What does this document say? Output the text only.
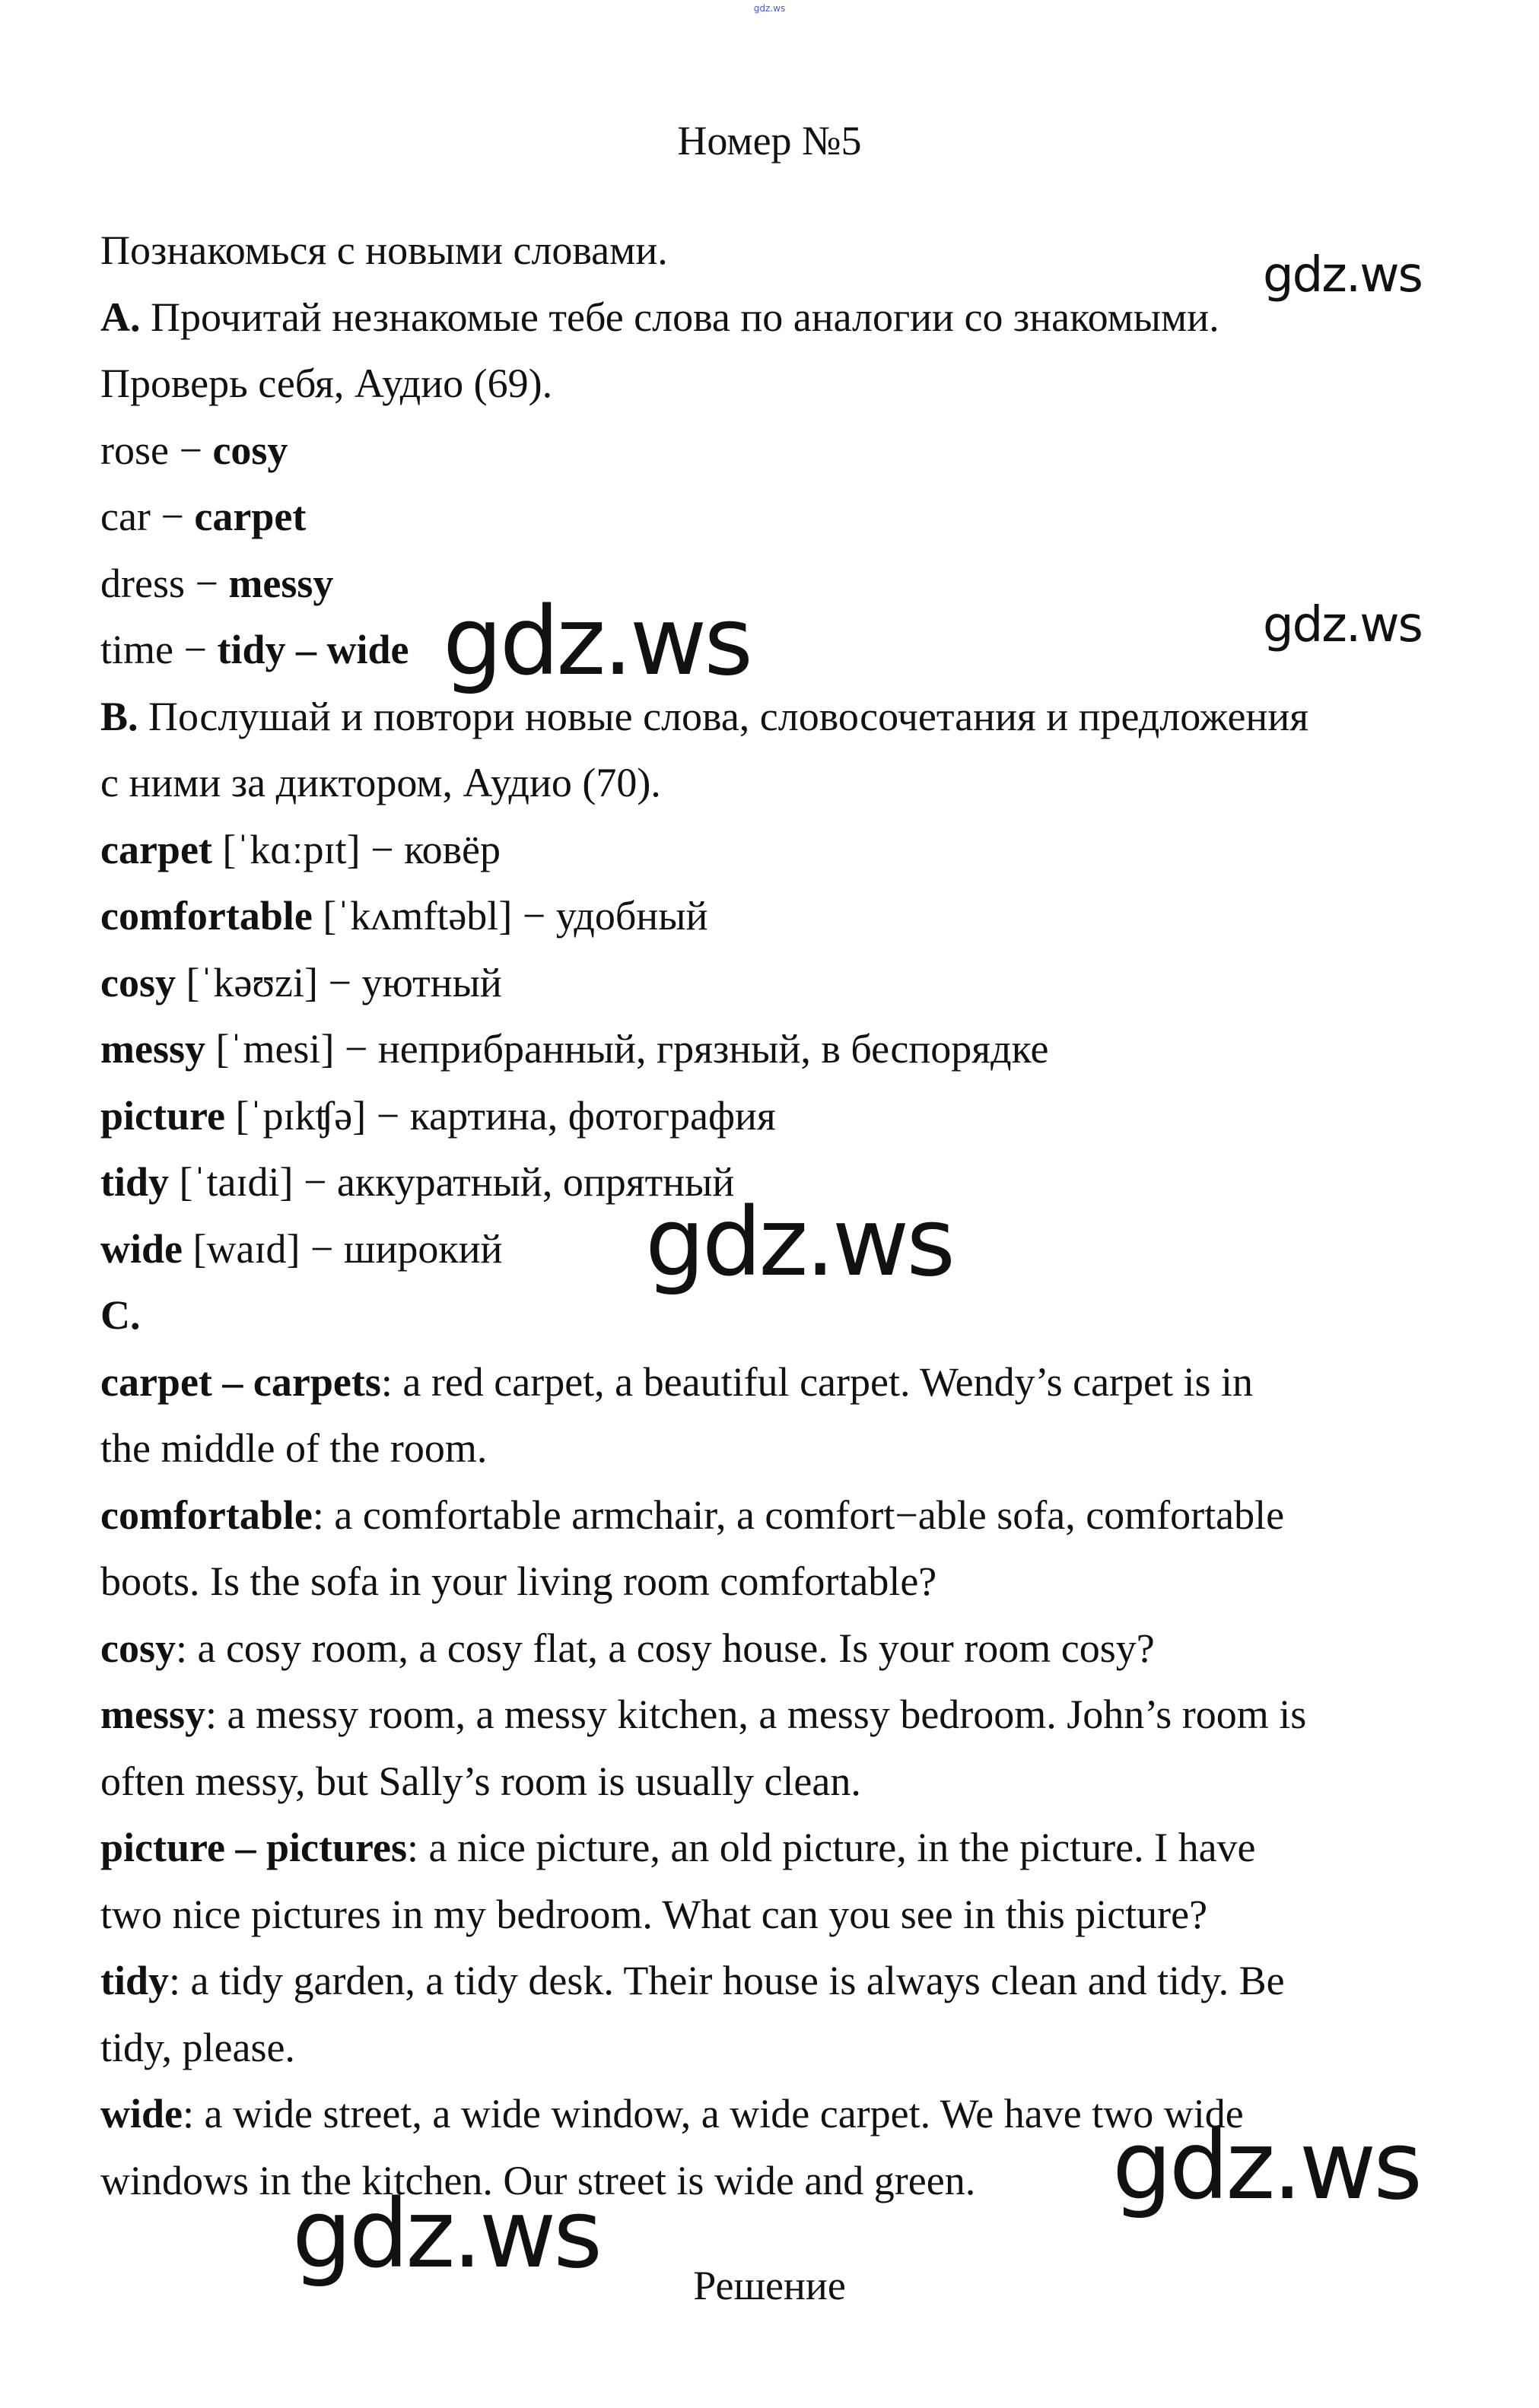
gdz.ws
Номер №5
Познакомься с новыми словами.
A. Прочитай незнакомые тебе слова по аналогии со знакомыми.
Проверь себя, Аудио (69).
rose − cosy
car − carpet
dress − messy
time − tidy – wide
B. Послушай и повтори новые слова, словосочетания и предложения
с ними за диктором, Аудио (70).
carpet [ˈkɑːpɪt] − ковёр
comfortable [ˈkʌmftəbl] − удобный
cosy [ˈkəʊzi] − уютный
messy [ˈmesi] − неприбранный, грязный, в беспорядке
picture [ˈpɪkʧə] − картина, фотография
tidy [ˈtaɪdi] − аккуратный, опрятный
wide [waɪd] − широкий
C.
carpet – carpets: a red carpet, a beautiful carpet. Wendy’s carpet is in
the middle of the room.
comfortable: a comfortable armchair, a comfort−able sofa, comfortable
boots. Is the sofa in your living room comfortable?
cosy: a cosy room, a cosy flat, a cosy house. Is your room cosy?
messy: a messy room, a messy kitchen, a messy bedroom. John’s room is
often messy, but Sally’s room is usually clean.
picture – pictures: a nice picture, an old picture, in the picture. I have
two nice pictures in my bedroom. What can you see in this picture?
tidy: a tidy garden, a tidy desk. Their house is always clean and tidy. Be
tidy, please.
wide: a wide street, a wide window, a wide carpet. We have two wide
windows in the kitchen. Our street is wide and green.
Решение
gdz.ws
gdz.ws
gdz.ws
gdz.ws
gdz.ws
gdz.ws
